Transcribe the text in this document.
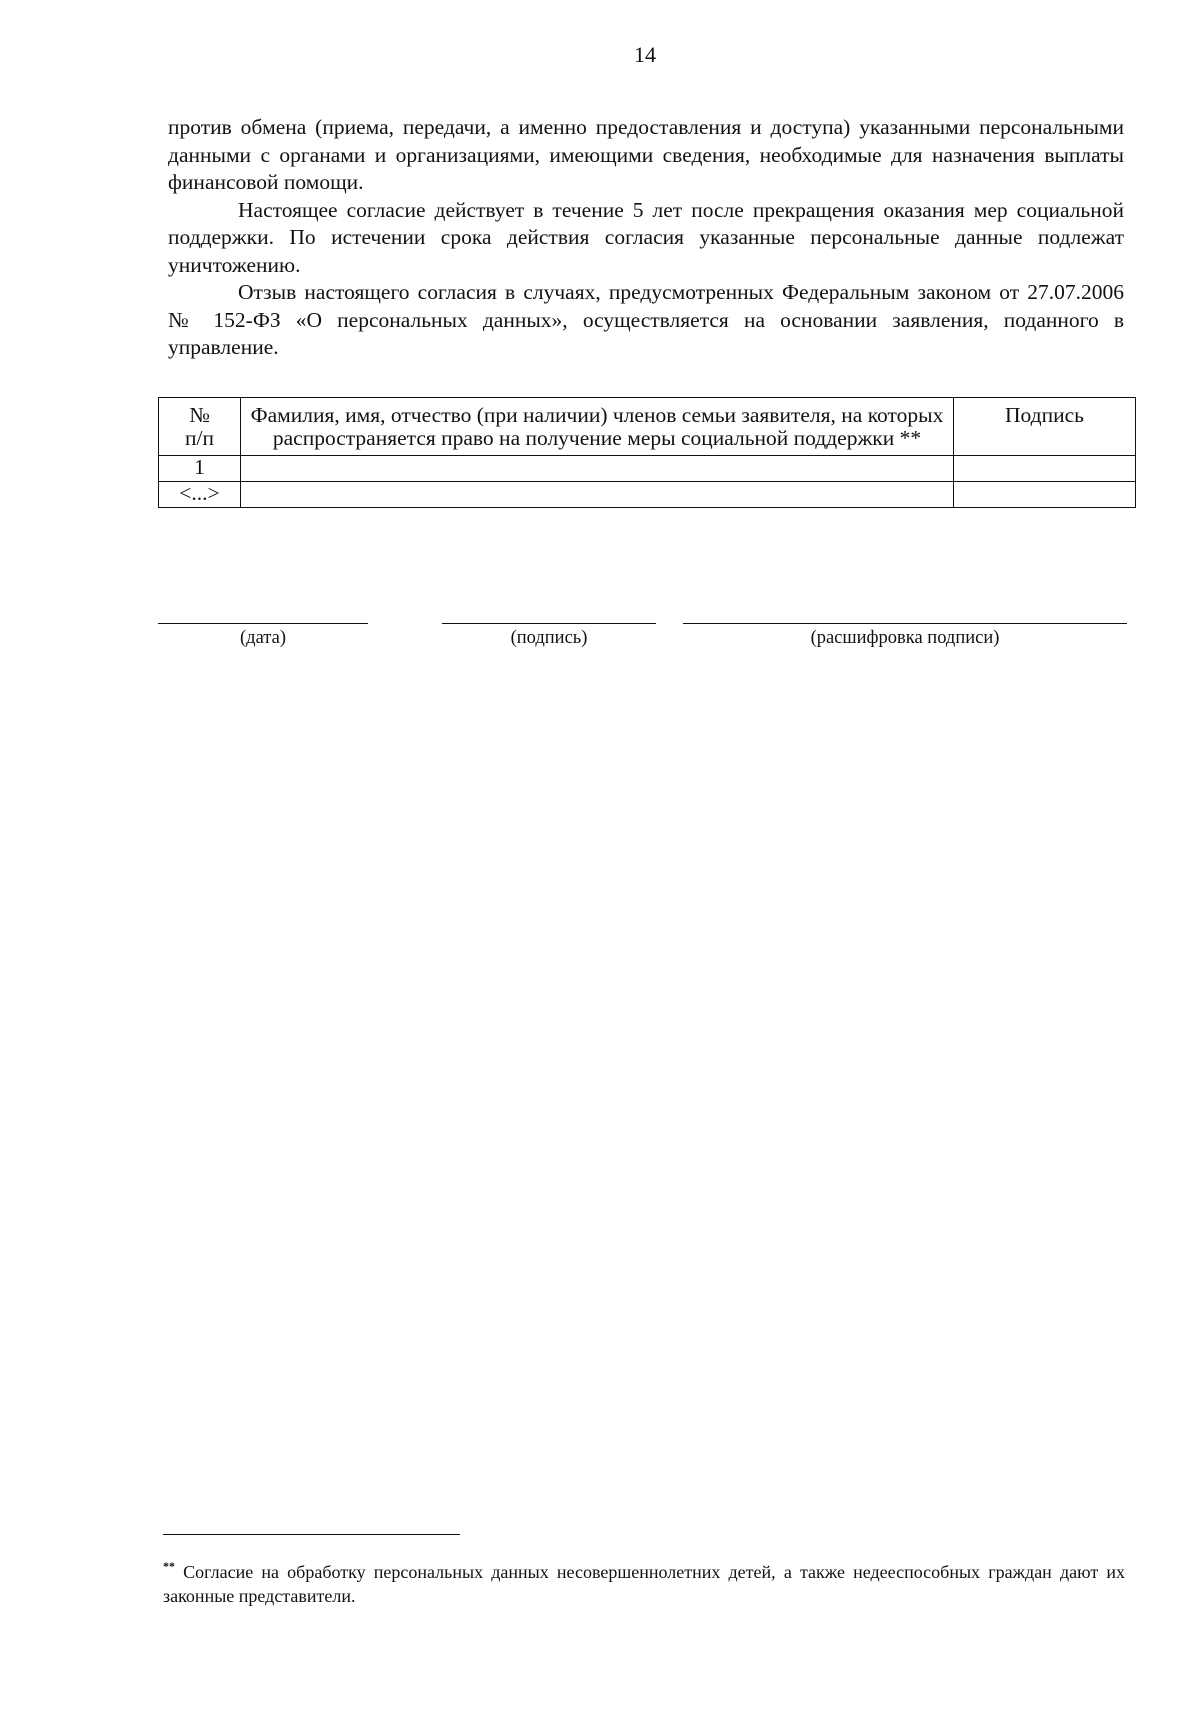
14

против обмена (приема, передачи, а именно предоставления и доступа) указанными персональными данными с органами и организациями, имеющими сведения, необходимые для назначения выплаты финансовой помощи.

Настоящее согласие действует в течение 5 лет после прекращения оказания мер социальной поддержки. По истечении срока действия согласия указанные персональные данные подлежат уничтожению.

Отзыв настоящего согласия в случаях, предусмотренных Федеральным законом от 27.07.2006 № 152-ФЗ «О персональных данных», осуществляется на основании заявления, поданного в управление.

№
п/п	Фамилия, имя, отчество (при наличии) членов семьи заявителя, на которых распространяется право на получение меры социальной поддержки **	Подпись
1		
<...>		
(дата)	(подпись)	(расшифровка подписи)
** Согласие на обработку персональных данных несовершеннолетних детей, а также недееспособных граждан дают их законные представители.
